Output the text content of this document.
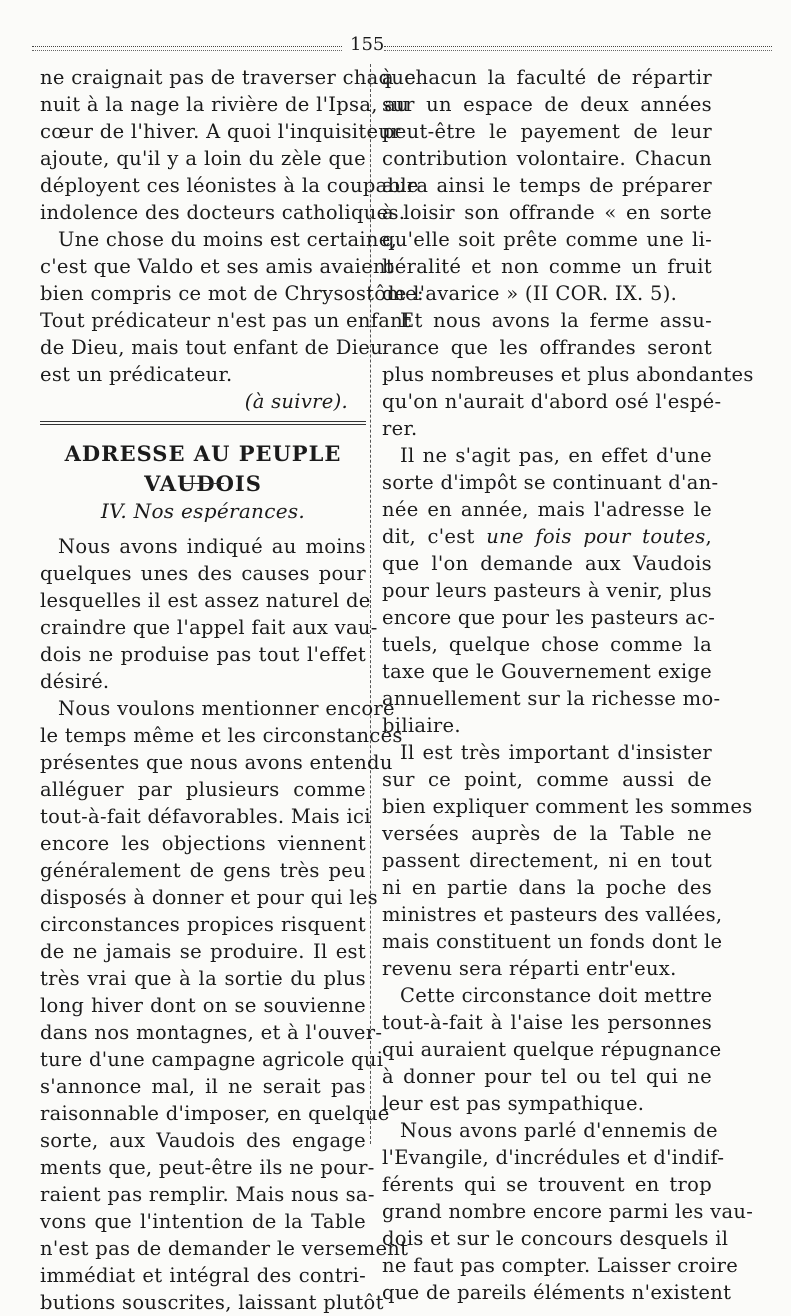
155
ne craignait pas de traverser chaque
nuit à la nage la rivière de l'Ipsa, au
cœur de l'hiver. A quoi l'inquisiteur
ajoute, qu'il y a loin du zèle que
déployent ces léonistes à la coupable
indolence des docteurs catholiques.
Une chose du moins est certaine,
c'est que Valdo et ses amis avaient
bien compris ce mot de Chrysostôme:
Tout prédicateur n'est pas un enfant
de Dieu, mais tout enfant de Dieu
est un prédicateur.
(à suivre).
ADRESSE AU PEUPLE VAUDOIS
IV. Nos espérances.
Nous avons indiqué au moins
quelques unes des causes pour
lesquelles il est assez naturel de
craindre que l'appel fait aux vau-
dois ne produise pas tout l'effet
désiré.
Nous voulons mentionner encore
le temps même et les circonstances
présentes que nous avons entendu
alléguer par plusieurs comme
tout-à-fait défavorables. Mais ici
encore les objections viennent
généralement de gens très peu
disposés à donner et pour qui les
circonstances propices risquent
de ne jamais se produire. Il est
très vrai que à la sortie du plus
long hiver dont on se souvienne
dans nos montagnes, et à l'ouver-
ture d'une campagne agricole qui
s'annonce mal, il ne serait pas
raisonnable d'imposer, en quelque
sorte, aux Vaudois des engage
ments que, peut-être ils ne pour-
raient pas remplir. Mais nous sa-
vons que l'intention de la Table
n'est pas de demander le versement
immédiat et intégral des contri-
butions souscrites, laissant plutôt
à chacun la faculté de répartir
sur un espace de deux années
peut-être le payement de leur
contribution volontaire. Chacun
aura ainsi le temps de préparer
à loisir son offrande « en sorte
qu'elle soit prête comme une li-
béralité et non comme un fruit
de l'avarice » (II COR. IX. 5).
Et nous avons la ferme assu-
rance que les offrandes seront
plus nombreuses et plus abondantes
qu'on n'aurait d'abord osé l'espé-
rer.
Il ne s'agit pas, en effet d'une
sorte d'impôt se continuant d'an-
née en année, mais l'adresse le
dit, c'est une fois pour toutes,
que l'on demande aux Vaudois
pour leurs pasteurs à venir, plus
encore que pour les pasteurs ac-
tuels, quelque chose comme la
taxe que le Gouvernement exige
annuellement sur la richesse mo-
biliaire.
Il est très important d'insister
sur ce point, comme aussi de
bien expliquer comment les sommes
versées auprès de la Table ne
passent directement, ni en tout
ni en partie dans la poche des
ministres et pasteurs des vallées,
mais constituent un fonds dont le
revenu sera réparti entr'eux.
Cette circonstance doit mettre
tout-à-fait à l'aise les personnes
qui auraient quelque répugnance
à donner pour tel ou tel qui ne
leur est pas sympathique.
Nous avons parlé d'ennemis de
l'Evangile, d'incrédules et d'indif-
férents qui se trouvent en trop
grand nombre encore parmi les vau-
dois et sur le concours desquels il
ne faut pas compter. Laisser croire
que de pareils éléments n'existent
